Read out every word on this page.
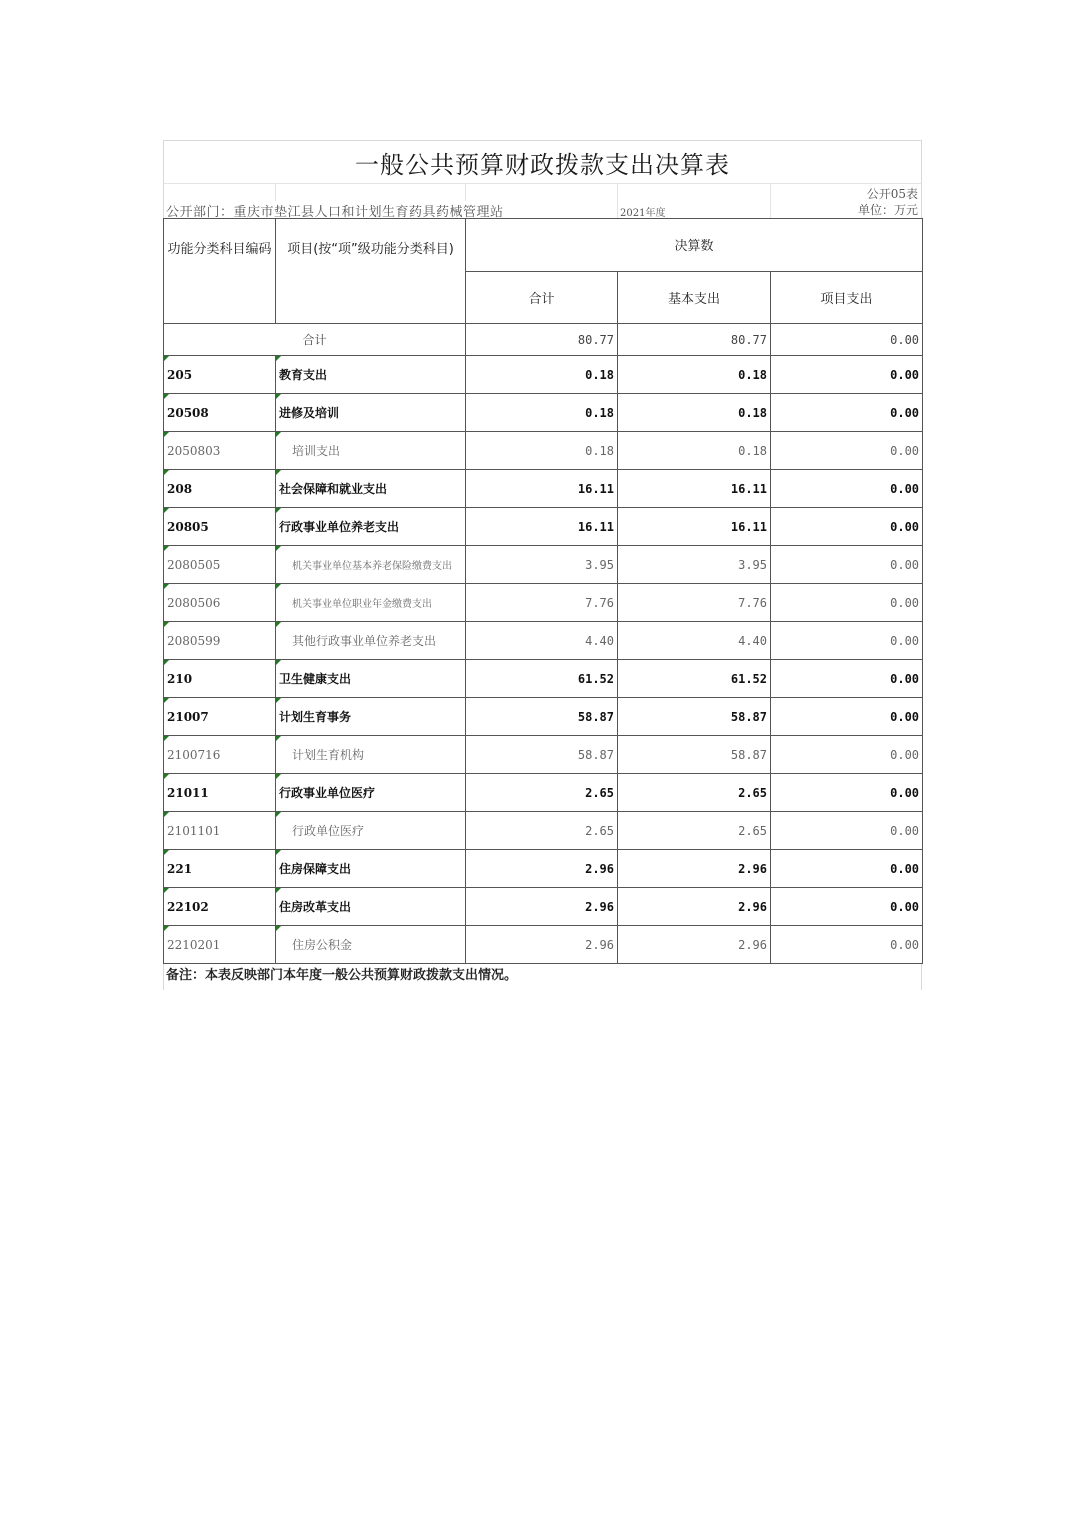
一般公共预算财政拨款支出决算表
公开05表
公开部门：重庆市垫江县人口和计划生育药具药械管理站	2021年度	单位：万元
功能分类科目编码	项目(按“项”级功能分类科目)	决算数		
		合计	基本支出	项目支出
合计		80.77	80.77	0.00
205	教育支出	0.18	0.18	0.00
20508	进修及培训	0.18	0.18	0.00
2050803	培训支出	0.18	0.18	0.00
208	社会保障和就业支出	16.11	16.11	0.00
20805	行政事业单位养老支出	16.11	16.11	0.00
2080505	机关事业单位基本养老保险缴费支出	3.95	3.95	0.00
2080506	机关事业单位职业年金缴费支出	7.76	7.76	0.00
2080599	其他行政事业单位养老支出	4.40	4.40	0.00
210	卫生健康支出	61.52	61.52	0.00
21007	计划生育事务	58.87	58.87	0.00
2100716	计划生育机构	58.87	58.87	0.00
21011	行政事业单位医疗	2.65	2.65	0.00
2101101	行政单位医疗	2.65	2.65	0.00
221	住房保障支出	2.96	2.96	0.00
22102	住房改革支出	2.96	2.96	0.00
2210201	住房公积金	2.96	2.96	0.00
备注：本表反映部门本年度一般公共预算财政拨款支出情况。
